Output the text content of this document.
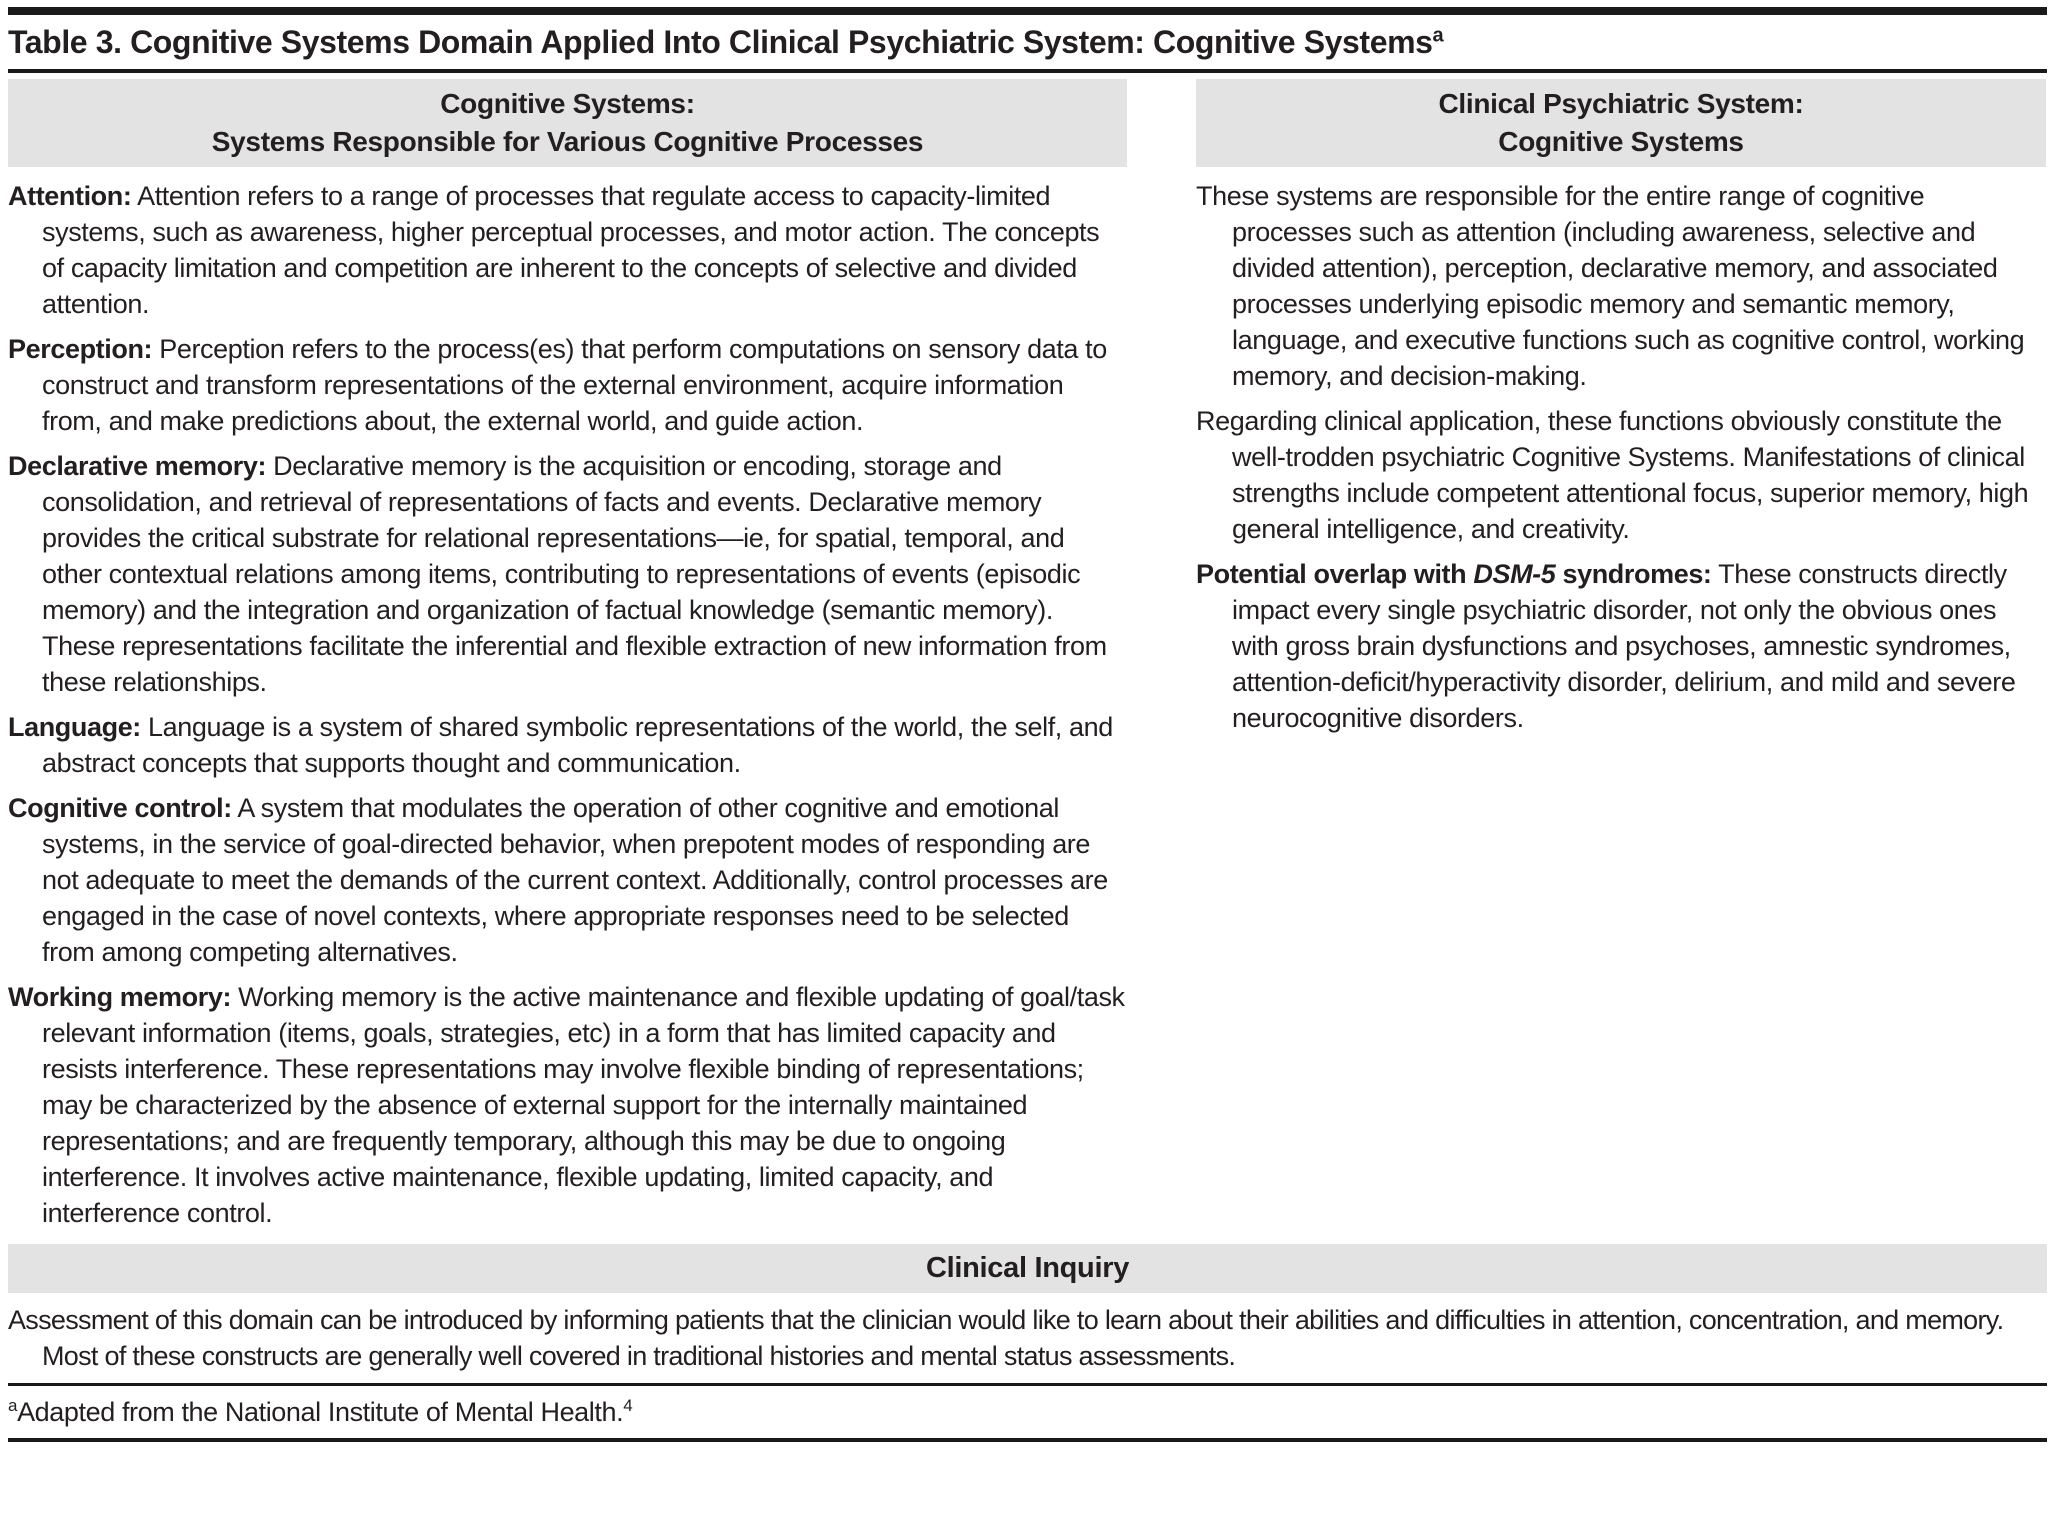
Table 3. Cognitive Systems Domain Applied Into Clinical Psychiatric System: Cognitive Systems$^a$
Cognitive Systems:
Systems Responsible for Various Cognitive Processes

Attention: Attention refers to a range of processes that regulate access to capacity-limited systems, such as awareness, higher perceptual processes, and motor action. The concepts of capacity limitation and competition are inherent to the concepts of selective and divided attention.

Perception: Perception refers to the process(es) that perform computations on sensory data to construct and transform representations of the external environment, acquire information from, and make predictions about, the external world, and guide action.

Declarative memory: Declarative memory is the acquisition or encoding, storage and consolidation, and retrieval of representations of facts and events. Declarative memory provides the critical substrate for relational representations—ie, for spatial, temporal, and other contextual relations among items, contributing to representations of events (episodic memory) and the integration and organization of factual knowledge (semantic memory). These representations facilitate the inferential and flexible extraction of new information from these relationships.

Language: Language is a system of shared symbolic representations of the world, the self, and abstract concepts that supports thought and communication.

Cognitive control: A system that modulates the operation of other cognitive and emotional systems, in the service of goal-directed behavior, when prepotent modes of responding are not adequate to meet the demands of the current context. Additionally, control processes are engaged in the case of novel contexts, where appropriate responses need to be selected from among competing alternatives.

Working memory: Working memory is the active maintenance and flexible updating of goal/task relevant information (items, goals, strategies, etc) in a form that has limited capacity and resists interference. These representations may involve flexible binding of representations; may be characterized by the absence of external support for the internally maintained representations; and are frequently temporary, although this may be due to ongoing interference. It involves active maintenance, flexible updating, limited capacity, and interference control.

Clinical Psychiatric System:
Cognitive Systems

These systems are responsible for the entire range of cognitive processes such as attention (including awareness, selective and divided attention), perception, declarative memory, and associated processes underlying episodic memory and semantic memory, language, and executive functions such as cognitive control, working memory, and decision-making.

Regarding clinical application, these functions obviously constitute the well-trodden psychiatric Cognitive Systems. Manifestations of clinical strengths include competent attentional focus, superior memory, high general intelligence, and creativity.

Potential overlap with DSM-5 syndromes: These constructs directly impact every single psychiatric disorder, not only the obvious ones with gross brain dysfunctions and psychoses, amnestic syndromes, attention-deficit/hyperactivity disorder, delirium, and mild and severe neurocognitive disorders.

Clinical Inquiry

Assessment of this domain can be introduced by informing patients that the clinician would like to learn about their abilities and difficulties in attention, concentration, and memory. Most of these constructs are generally well covered in traditional histories and mental status assessments.

$^a$Adapted from the National Institute of Mental Health.$^4$
